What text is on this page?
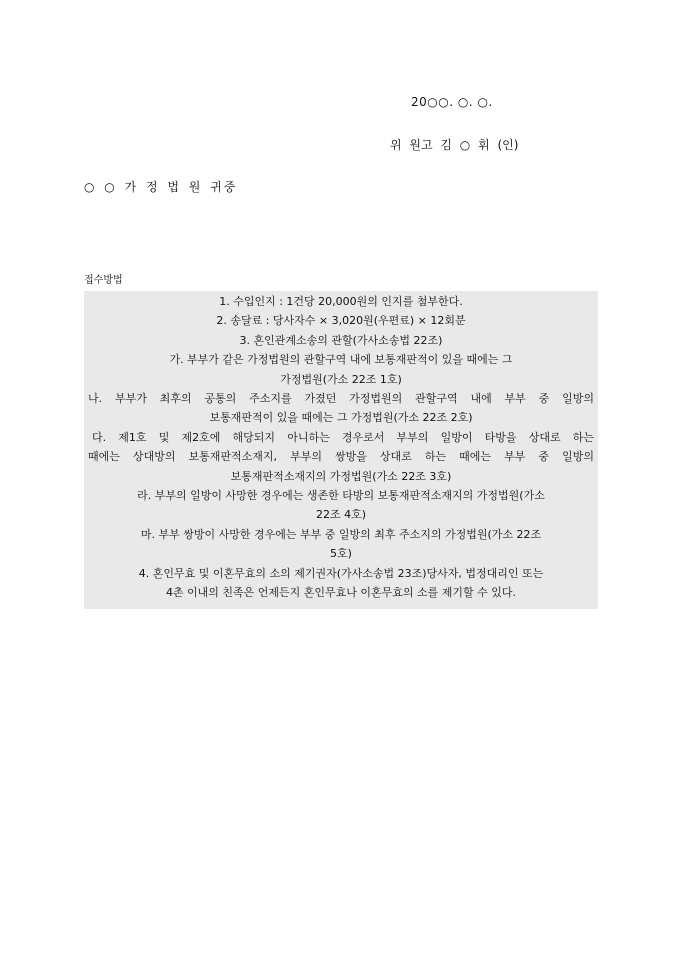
20○○. ○. ○.
위 원고 김 ○ 휘 (인)
○ ○ 가 정 법 원 귀중
접수방법
1. 수입인지 : 1건당 20,000원의 인지를 첨부한다.
2. 송달료 : 당사자수 × 3,020원(우편료) × 12회분
3. 혼인관계소송의 관할(가사소송법 22조)
가. 부부가 같은 가정법원의 관할구역 내에 보통재판적이 있을 때에는 그
가정법원(가소 22조 1호)
나. 부부가 최후의 공통의 주소지를 가졌던 가정법원의 관할구역 내에 부부 중 일방의
보통재판적이 있을 때에는 그 가정법원(가소 22조 2호)
다. 제1호 및 제2호에 해당되지 아니하는 경우로서 부부의 일방이 타방을 상대로 하는
때에는 상대방의 보통재판적소재지, 부부의 쌍방을 상대로 하는 때에는 부부 중 일방의
보통재판적소재지의 가정법원(가소 22조 3호)
라. 부부의 일방이 사망한 경우에는 생존한 타방의 보통재판적소재지의 가정법원(가소
22조 4호)
마. 부부 쌍방이 사망한 경우에는 부부 중 일방의 최후 주소지의 가정법원(가소 22조
5호)
4. 혼인무효 및 이혼무효의 소의 제기권자(가사소송법 23조)당사자, 법정대리인 또는
4촌 이내의 친족은 언제든지 혼인무효나 이혼무효의 소를 제기할 수 있다.
